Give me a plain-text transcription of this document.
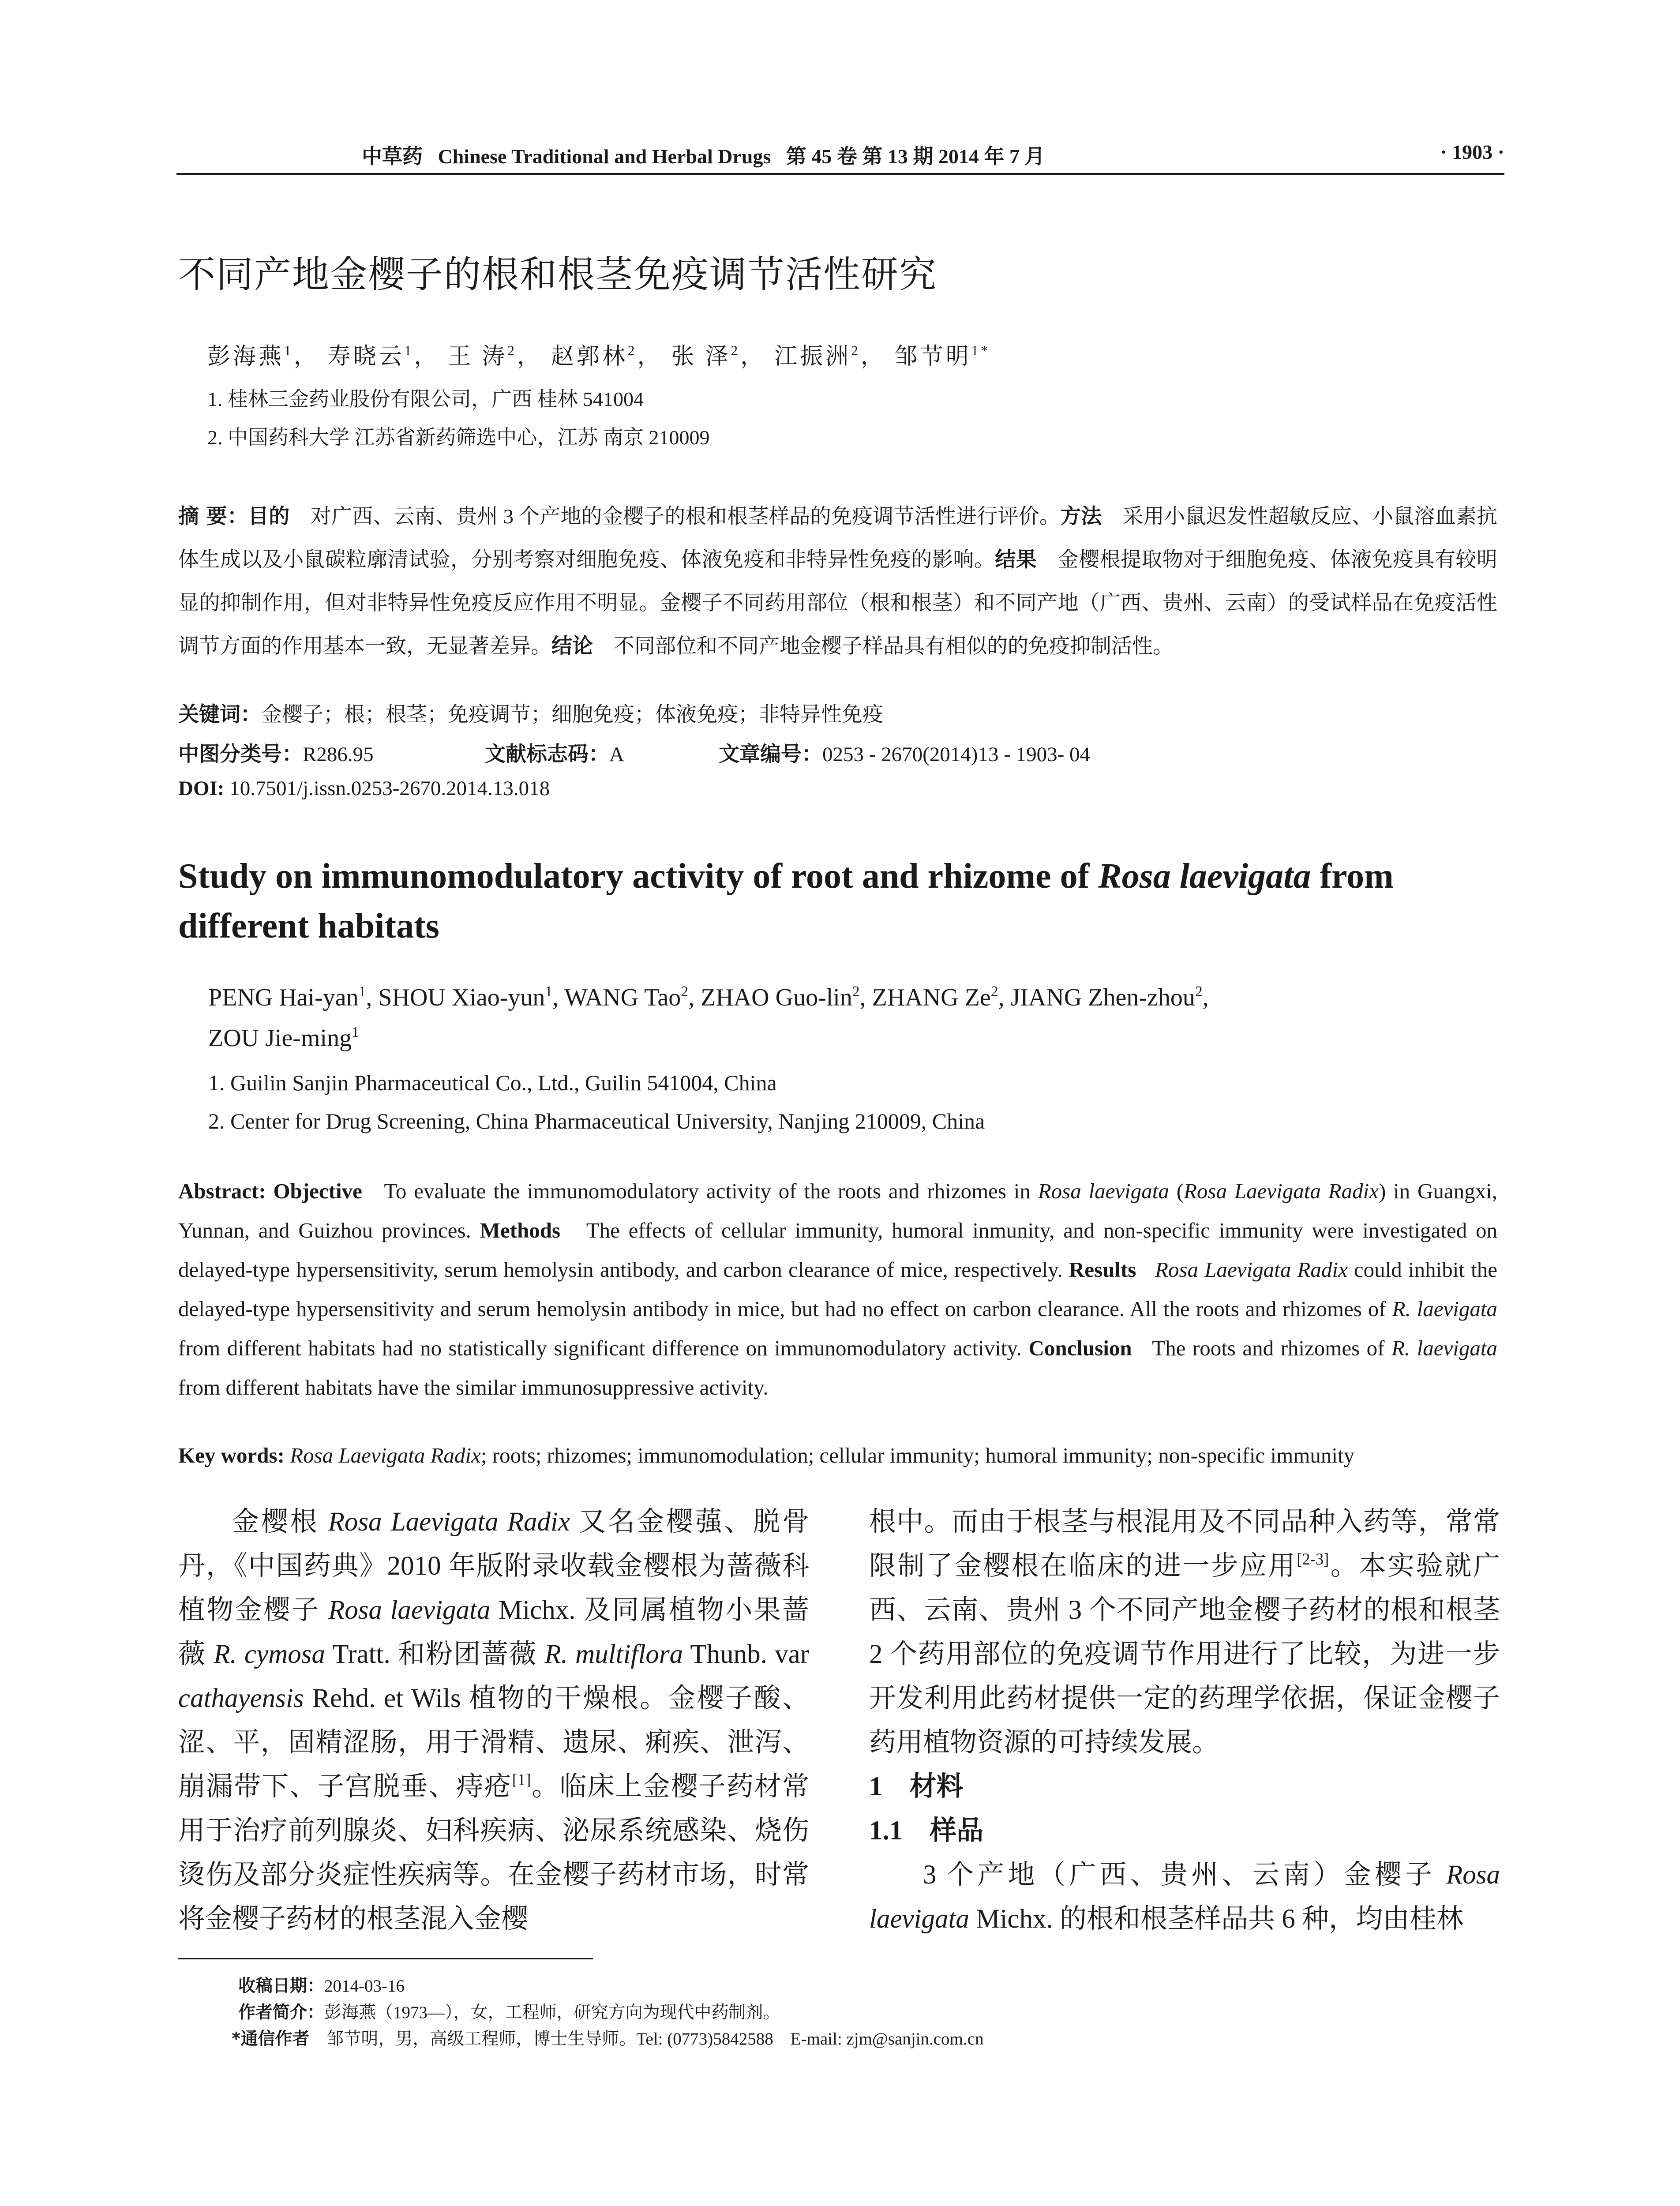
中草药 Chinese Traditional and Herbal Drugs 第 45 卷 第 13 期 2014 年 7 月	· 1903 ·
不同产地金樱子的根和根茎免疫调节活性研究
彭海燕$^1$， 寿晓云$^1$， 王 涛$^2$， 赵郭林$^2$， 张 泽$^2$， 江振洲$^2$， 邹节明$^{1*}$
1. 桂林三金药业股份有限公司，广西 桂林 541004
2. 中国药科大学 江苏省新药筛选中心，江苏 南京 210009
摘 要：目的　 对广西、云南、贵州 3 个产地的金樱子的根和根茎样品的免疫调节活性进行评价。方法　 采用小鼠迟发性超敏反应、小鼠溶血素抗体生成以及小鼠碳粒廓清试验，分别考察对细胞免疫、体液免疫和非特异性免疫的影响。结果　 金樱根提取物对于细胞免疫、体液免疫具有较明显的抑制作用，但对非特异性免疫反应作用不明显。金樱子不同药用部位（根和根茎）和不同产地（广西、贵州、云南）的受试样品在免疫活性调节方面的作用基本一致，无显著差异。结论　 不同部位和不同产地金樱子样品具有相似的的免疫抑制活性。
关键词：金樱子；根；根茎；免疫调节；细胞免疫；体液免疫；非特异性免疫
中图分类号：R286.95	文献标志码：A	文章编号：0253 - 2670(2014)13 - 1903- 04
DOI: 10.7501/j.issn.0253-2670.2014.13.018
Study on immunomodulatory activity of root and rhizome of Rosa laevigata from different habitats
PENG Hai-yan$^1$, SHOU Xiao-yun$^1$, WANG Tao$^2$, ZHAO Guo-lin$^2$, ZHANG Ze$^2$, JIANG Zhen-zhou$^2$,
ZOU Jie-ming$^1$
1. Guilin Sanjin Pharmaceutical Co., Ltd., Guilin 541004, China
2. Center for Drug Screening, China Pharmaceutical University, Nanjing 210009, China
Abstract: Objective To evaluate the immunomodulatory activity of the roots and rhizomes in Rosa laevigata (Rosa Laevigata Radix) in Guangxi, Yunnan, and Guizhou provinces. Methods The effects of cellular immunity, humoral inmunity, and non-specific immunity were investigated on delayed-type hypersensitivity, serum hemolysin antibody, and carbon clearance of mice, respectively. Results Rosa Laevigata Radix could inhibit the delayed-type hypersensitivity and serum hemolysin antibody in mice, but had no effect on carbon clearance. All the roots and rhizomes of R. laevigata from different habitats had no statistically significant difference on immunomodulatory activity. Conclusion The roots and rhizomes of R. laevigata from different habitats have the similar immunosuppressive activity.
Key words: Rosa Laevigata Radix; roots; rhizomes; immunomodulation; cellular immunity; humoral immunity; non-specific immunity

金樱根 Rosa Laevigata Radix 又名金樱蔃、脱骨丹，《中国药典》2010 年版附录收载金樱根为蔷薇科植物金樱子 Rosa laevigata Michx. 及同属植物小果蔷薇 R. cymosa Tratt. 和粉团蔷薇 R. multiflora Thunb. var cathayensis Rehd. et Wils 植物的干燥根。金樱子酸、涩、平，固精涩肠，用于滑精、遗尿、痢疾、泄泻、崩漏带下、子宫脱垂、痔疮[1]。临床上金樱子药材常用于治疗前列腺炎、妇科疾病、泌尿系统感染、烧伤烫伤及部分炎症性疾病等。在金樱子药材市场，时常将金樱子药材的根茎混入金樱

根中。而由于根茎与根混用及不同品种入药等，常常限制了金樱根在临床的进一步应用[2-3]。本实验就广西、云南、贵州 3 个不同产地金樱子药材的根和根茎 2 个药用部位的免疫调节作用进行了比较，为进一步开发利用此药材提供一定的药理学依据，保证金樱子药用植物资源的可持续发展。

1　材料

1.1　样品

3 个产地（广西、贵州、云南）金樱子 Rosa laevigata Michx. 的根和根茎样品共 6 种，均由桂林

收稿日期：2014-03-16
作者简介：彭海燕（1973—），女，工程师，研究方向为现代中药制剂。
*通信作者　 邹节明，男，高级工程师，博士生导师。Tel: (0773)5842588　E-mail: zjm@sanjin.com.cn
